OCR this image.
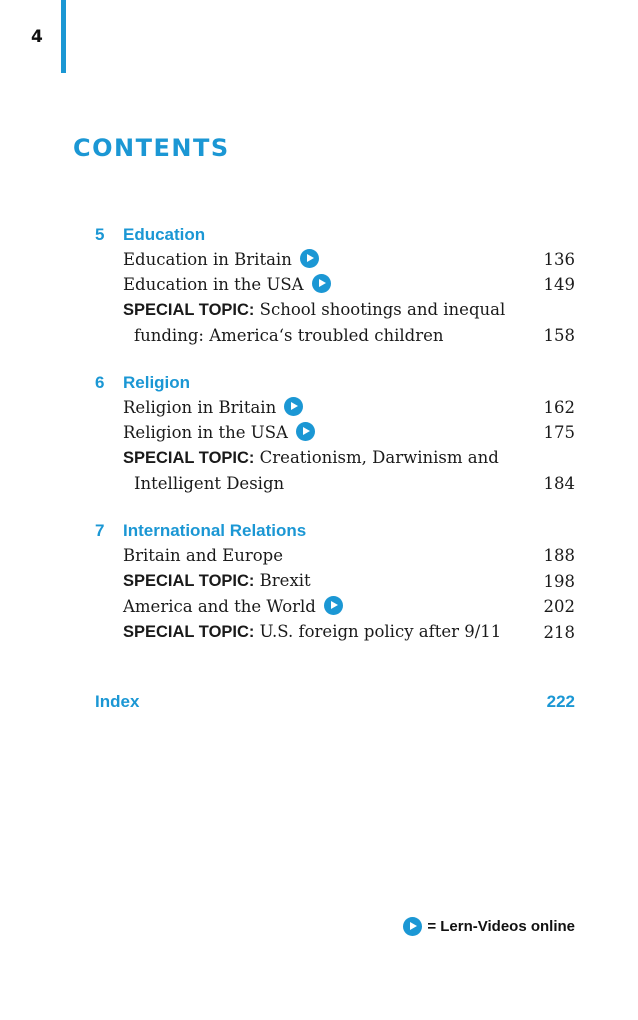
4
CONTENTS
5	Education
Education in Britain	136
Education in the USA	149
SPECIAL TOPIC: School shootings and inequal
funding: America‘s troubled children	158
6	Religion
Religion in Britain	162
Religion in the USA	175
SPECIAL TOPIC: Creationism, Darwinism and
Intelligent Design	184
7	International Relations
Britain and Europe	188
SPECIAL TOPIC: Brexit	198
America and the World	202
SPECIAL TOPIC: U.S. foreign policy after 9/11	218
Index	222
= Lern-Videos online
